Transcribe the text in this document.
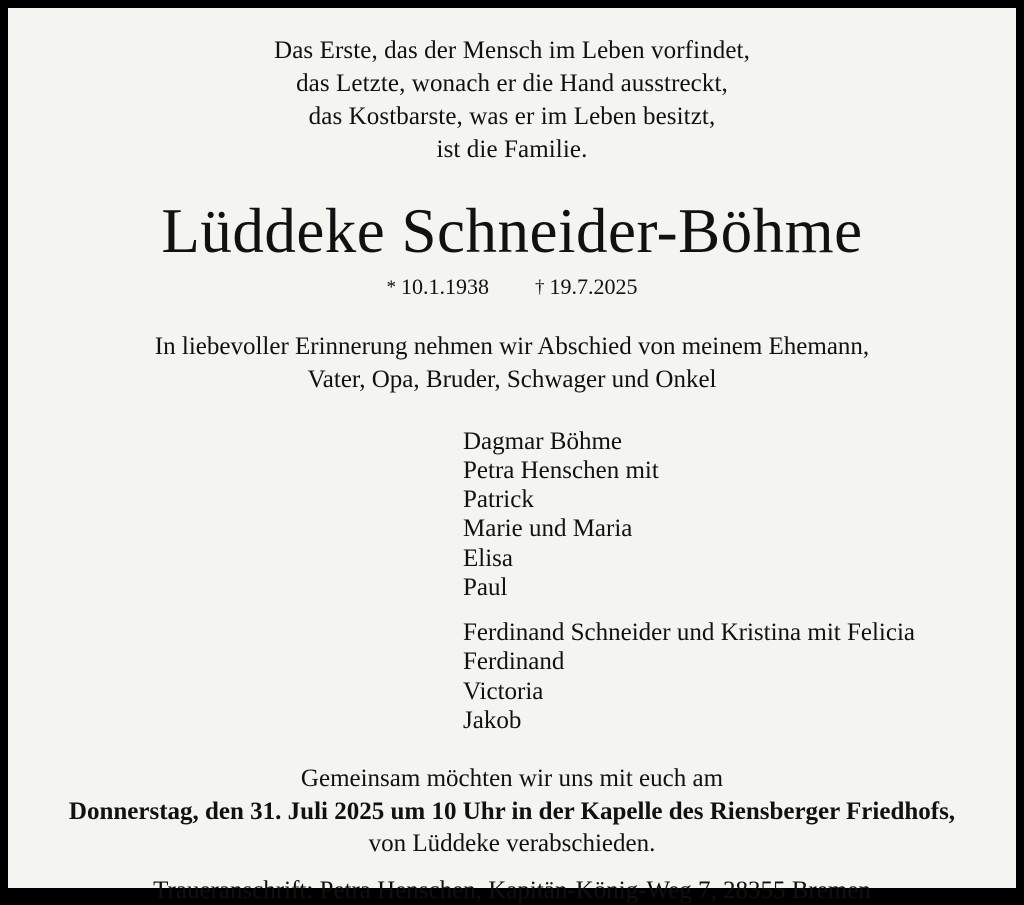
Das Erste, das der Mensch im Leben vorfindet,
das Letzte, wonach er die Hand ausstreckt,
das Kostbarste, was er im Leben besitzt,
ist die Familie.
Lüddeke Schneider-Böhme
* 10.1.1938 † 19.7.2025
In liebevoller Erinnerung nehmen wir Abschied von meinem Ehemann,
Vater, Opa, Bruder, Schwager und Onkel
Dagmar Böhme
Petra Henschen mit
Patrick
Marie und Maria
Elisa
Paul
Ferdinand Schneider und Kristina mit Felicia
Ferdinand
Victoria
Jakob
Gemeinsam möchten wir uns mit euch am
Donnerstag, den 31. Juli 2025 um 10 Uhr in der Kapelle des Riensberger Friedhofs,
von Lüddeke verabschieden.
Traueranschrift: Petra Henschen, Kapitän-König-Weg 7, 28355 Bremen
